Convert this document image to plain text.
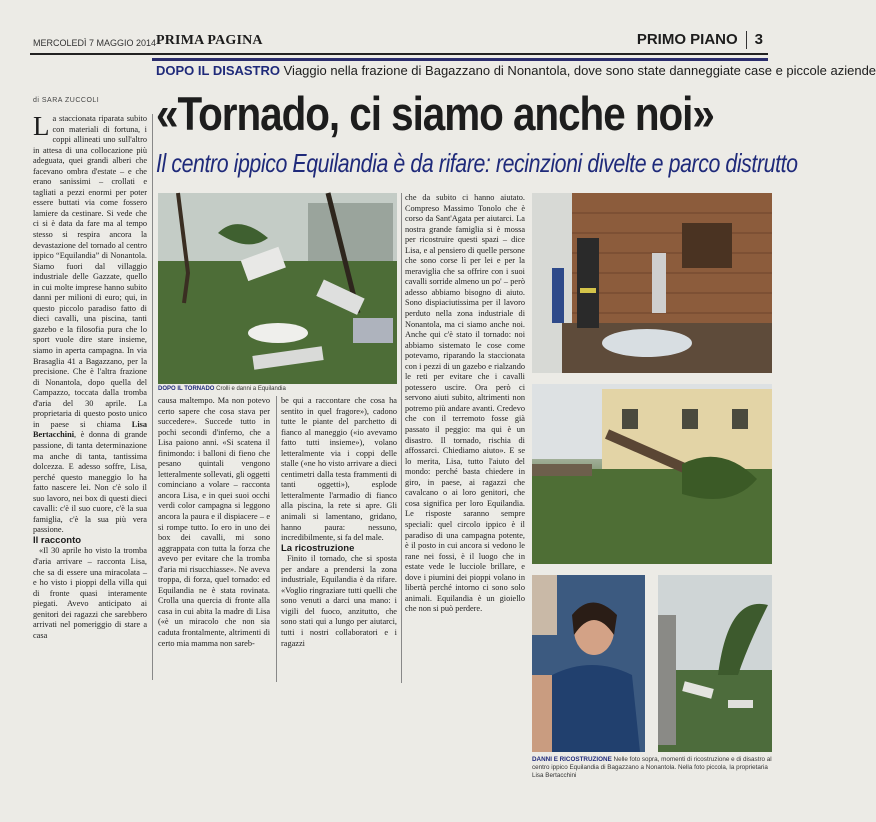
MERCOLEDÌ 7 MAGGIO 2014 PRIMA PAGINA	PRIMO PIANO 3
DOPO IL DISASTRO Viaggio nella frazione di Bagazzano di Nonantola, dove sono state danneggiate case e piccole aziende
di SARA ZUCCOLI «Tornado, ci siamo anche noi»
Il centro ippico Equilandia è da rifare: recinzioni divelte e parco distrutto

La staccionata riparata subito con materiali di fortuna, i coppi allineati uno sull'altro in attesa di una collocazione più adeguata, quei grandi alberi che facevano ombra d'estate – e che erano sanissimi – crollati e tagliati a pezzi enormi per poter essere buttati via come fossero lamiere da cestinare. Si vede che ci si è data da fare ma al tempo stesso si respira ancora la devastazione del tornado al centro ippico “Equilandia” di Nonantola. Siamo fuori dal villaggio industriale delle Gazzate, quello in cui molte imprese hanno subito danni per milioni di euro; qui, in questo piccolo paradiso fatto di dieci cavalli, una piscina, tanti gazebo e la filosofia pura che lo sport vuole dire stare insieme, siamo in aperta campagna. In via Brasaglia 41 a Bagazzano, per la precisione. Che è l'altra frazione di Nonantola, dopo quella del Campazzo, toccata dalla tromba d'aria del 30 aprile. La proprietaria di questo posto unico in paese si chiama Lisa Bertacchini, è donna di grande passione, di tanta determinazione ma anche di tanta, tantissima dolcezza. E adesso soffre, Lisa, perché questo maneggio lo ha fatto nascere lei. Non c'è solo il suo lavoro, nei box di questi dieci cavalli: c'è il suo cuore, c'è la sua famiglia, c'è la sua più vera passione.

Il racconto

«Il 30 aprile ho visto la tromba d'aria arrivare – racconta Lisa, che sa di essere una miracolata – e ho visto i pioppi della villa qui di fronte quasi interamente piegati. Avevo anticipato ai genitori dei ragazzi che sarebbero arrivati nel pomeriggio di stare a casa

DOPO IL TORNADO Crolli e danni a Equilandia

causa maltempo. Ma non potevo certo sapere che cosa stava per succedere». Succede tutto in pochi secondi d'inferno, che a Lisa paiono anni. «Si scatena il finimondo: i balloni di fieno che pesano quintali vengono letteralmente sollevati, gli oggetti cominciano a volare – racconta ancora Lisa, e in quei suoi occhi verdi color campagna si leggono ancora la paura e il dispiacere – e si rompe tutto. Io ero in uno dei box dei cavalli, mi sono aggrappata con tutta la forza che avevo per evitare che la tromba d'aria mi risucchiasse». Ne aveva troppa, di forza, quel tornado: ed Equilandia ne è stata rovinata. Crolla una quercia di fronte alla casa in cui abita la madre di Lisa («è un miracolo che non sia caduta frontalmente, altrimenti di certo mia mamma non sareb-

be qui a raccontare che cosa ha sentito in quel fragore»), cadono tutte le piante del parchetto di fianco al maneggio («io avevamo fatto tutti insieme»), volano letteralmente via i coppi delle stalle («ne ho visto arrivare a dieci centimetri dalla testa frammenti di tanti oggetti»), esplode letteralmente l'armadio di fianco alla piscina, la rete si apre. Gli animali si lamentano, gridano, hanno paura: nessuno, incredibilmente, si fa del male.

La ricostruzione

Finito il tornado, che si sposta per andare a prendersi la zona industriale, Equilandia è da rifare. «Voglio ringraziare tutti quelli che sono venuti a darci una mano: i vigili del fuoco, anzitutto, che sono stati qui a lungo per aiutarci, tutti i nostri collaboratori e i ragazzi

che da subito ci hanno aiutato. Compreso Massimo Tonolo che è corso da Sant'Agata per aiutarci. La nostra grande famiglia si è mossa per ricostruire questi spazi – dice Lisa, e al pensiero di quelle persone che sono corse lì per lei e per la meraviglia che sa offrire con i suoi cavalli sorride almeno un po' – però adesso abbiamo bisogno di aiuto. Sono dispiaciutissima per il lavoro perduto nella zona industriale di Nonantola, ma ci siamo anche noi. Anche qui c'è stato il tornado: noi abbiamo sistemato le cose come potevamo, riparando la staccionata con i pezzi di un gazebo e rialzando le reti per evitare che i cavalli potessero uscire. Ora però ci servono aiuti subito, altrimenti non potremo più andare avanti. Credevo che con il terremoto fosse già passato il peggio: ma qui è un disastro. Il tornado, rischia di affossarci. Chiediamo aiuto». E se lo merita, Lisa, tutto l'aiuto del mondo: perché basta chiedere in giro, in paese, ai ragazzi che cavalcano o ai loro genitori, che cosa significa per loro Equilandia. Le risposte saranno sempre speciali: quel circolo ippico è il paradiso di una campagna potente, è il posto in cui ancora si vedono le rane nei fossi, è il luogo che in estate vede le lucciole brillare, e dove i piumini dei pioppi volano in libertà perché intorno ci sono solo animali. Equilandia è un gioiello che non si può perdere.

DANNI E RICOSTRUZIONE Nelle foto sopra, momenti di ricostruzione e di disastro al centro ippico Equilandia di Bagazzano a Nonantola. Nella foto piccola, la proprietaria Lisa Bertacchini
